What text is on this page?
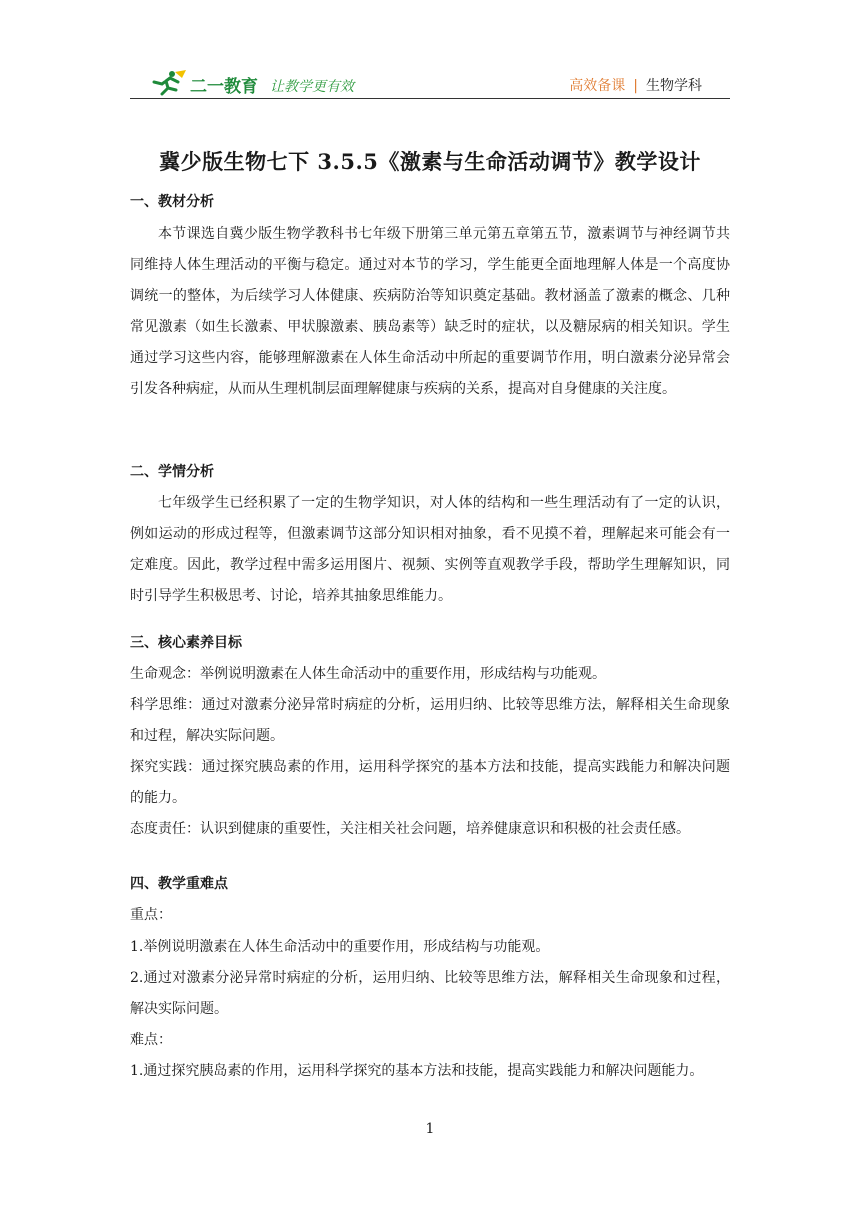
二一教育 让教学更有效	高效备课 | 生物学科
冀少版生物七下 3.5.5《激素与生命活动调节》教学设计
一、教材分析
本节课选自冀少版生物学教科书七年级下册第三单元第五章第五节，激素调节与神经调节共同维持人体生理活动的平衡与稳定。通过对本节的学习，学生能更全面地理解人体是一个高度协调统一的整体，为后续学习人体健康、疾病防治等知识奠定基础。教材涵盖了激素的概念、几种常见激素（如生长激素、甲状腺激素、胰岛素等）缺乏时的症状，以及糖尿病的相关知识。学生通过学习这些内容，能够理解激素在人体生命活动中所起的重要调节作用，明白激素分泌异常会引发各种病症，从而从生理机制层面理解健康与疾病的关系，提高对自身健康的关注度。
二、学情分析
七年级学生已经积累了一定的生物学知识，对人体的结构和一些生理活动有了一定的认识，例如运动的形成过程等，但激素调节这部分知识相对抽象，看不见摸不着，理解起来可能会有一定难度。因此，教学过程中需多运用图片、视频、实例等直观教学手段，帮助学生理解知识，同时引导学生积极思考、讨论，培养其抽象思维能力。
三、核心素养目标
生命观念：举例说明激素在人体生命活动中的重要作用，形成结构与功能观。
科学思维：通过对激素分泌异常时病症的分析，运用归纳、比较等思维方法，解释相关生命现象和过程，解决实际问题。
探究实践：通过探究胰岛素的作用，运用科学探究的基本方法和技能，提高实践能力和解决问题的能力。
态度责任：认识到健康的重要性，关注相关社会问题，培养健康意识和积极的社会责任感。
四、教学重难点
重点：
1.举例说明激素在人体生命活动中的重要作用，形成结构与功能观。
2.通过对激素分泌异常时病症的分析，运用归纳、比较等思维方法，解释相关生命现象和过程，解决实际问题。
难点：
1.通过探究胰岛素的作用，运用科学探究的基本方法和技能，提高实践能力和解决问题能力。
1
